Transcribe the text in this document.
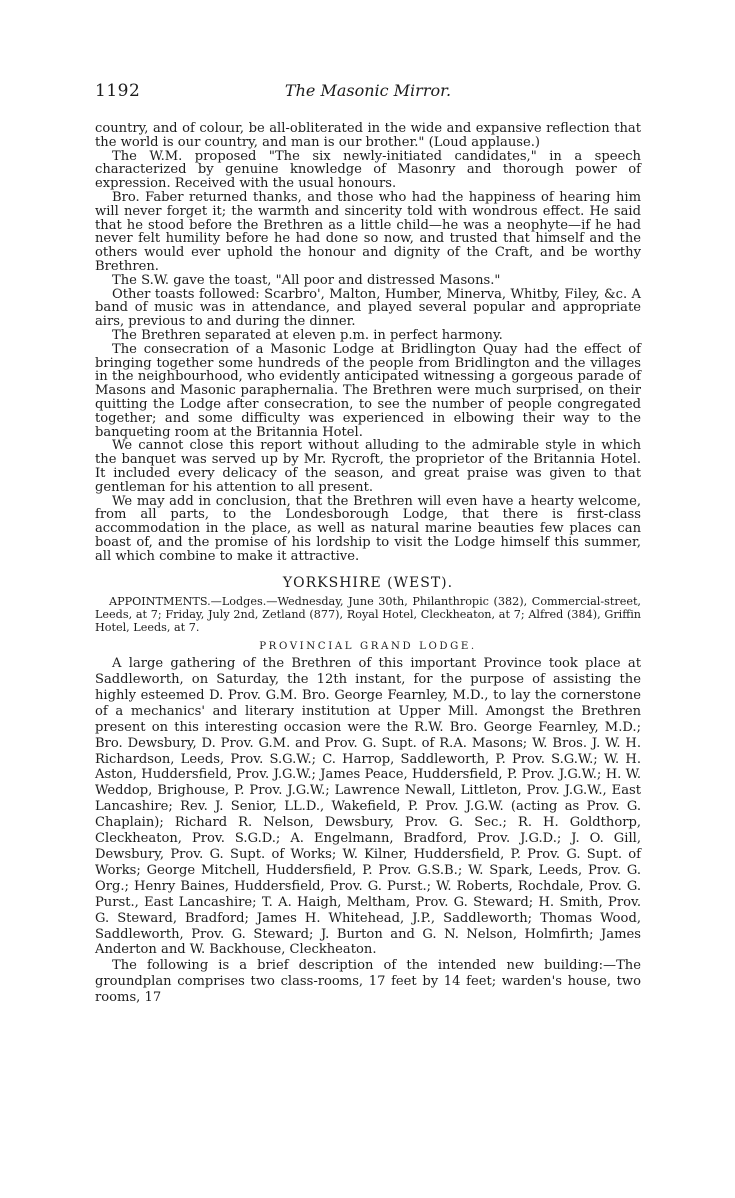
1192	The Masonic Mirror.

country, and of colour, be all-obliterated in the wide and expansive reflection that the world is our country, and man is our brother." (Loud applause.)

The W.M. proposed "The six newly-initiated candidates," in a speech characterized by genuine knowledge of Masonry and thorough power of expression. Received with the usual honours.

Bro. Faber returned thanks, and those who had the happiness of hearing him will never forget it; the warmth and sincerity told with wondrous effect. He said that he stood before the Brethren as a little child—he was a neophyte—if he had never felt humility before he had done so now, and trusted that himself and the others would ever uphold the honour and dignity of the Craft, and be worthy Brethren.

The S.W. gave the toast, "All poor and distressed Masons."

Other toasts followed: Scarbro', Malton, Humber, Minerva, Whitby, Filey, &c. A band of music was in attendance, and played several popular and appropriate airs, previous to and during the dinner.

The Brethren separated at eleven p.m. in perfect harmony.

The consecration of a Masonic Lodge at Bridlington Quay had the effect of bringing together some hundreds of the people from Bridlington and the villages in the neighbourhood, who evidently anticipated witnessing a gorgeous parade of Masons and Masonic paraphernalia. The Brethren were much surprised, on their quitting the Lodge after consecration, to see the number of people congregated together; and some difficulty was experienced in elbowing their way to the banqueting room at the Britannia Hotel.

We cannot close this report without alluding to the admirable style in which the banquet was served up by Mr. Rycroft, the proprietor of the Britannia Hotel. It included every delicacy of the season, and great praise was given to that gentleman for his attention to all present.

We may add in conclusion, that the Brethren will even have a hearty welcome, from all parts, to the Londesborough Lodge, that there is first-class accommodation in the place, as well as natural marine beauties few places can boast of, and the promise of his lordship to visit the Lodge himself this summer, all which combine to make it attractive.

YORKSHIRE (WEST).

APPOINTMENTS.—Lodges.—Wednesday, June 30th, Philanthropic (382), Commercial-street, Leeds, at 7; Friday, July 2nd, Zetland (877), Royal Hotel, Cleckheaton, at 7; Alfred (384), Griffin Hotel, Leeds, at 7.

PROVINCIAL GRAND LODGE.

A large gathering of the Brethren of this important Province took place at Saddleworth, on Saturday, the 12th instant, for the purpose of assisting the highly esteemed D. Prov. G.M. Bro. George Fearnley, M.D., to lay the cornerstone of a mechanics' and literary institution at Upper Mill. Amongst the Brethren present on this interesting occasion were the R.W. Bro. George Fearnley, M.D.; Bro. Dewsbury, D. Prov. G.M. and Prov. G. Supt. of R.A. Masons; W. Bros. J. W. H. Richardson, Leeds, Prov. S.G.W.; C. Harrop, Saddleworth, P. Prov. S.G.W.; W. H. Aston, Huddersfield, Prov. J.G.W.; James Peace, Huddersfield, P. Prov. J.G.W.; H. W. Weddop, Brighouse, P. Prov. J.G.W.; Lawrence Newall, Littleton, Prov. J.G.W., East Lancashire; Rev. J. Senior, LL.D., Wakefield, P. Prov. J.G.W. (acting as Prov. G. Chaplain); Richard R. Nelson, Dewsbury, Prov. G. Sec.; R. H. Goldthorp, Cleckheaton, Prov. S.G.D.; A. Engelmann, Bradford, Prov. J.G.D.; J. O. Gill, Dewsbury, Prov. G. Supt. of Works; W. Kilner, Huddersfield, P. Prov. G. Supt. of Works; George Mitchell, Huddersfield, P. Prov. G.S.B.; W. Spark, Leeds, Prov. G. Org.; Henry Baines, Huddersfield, Prov. G. Purst.; W. Roberts, Rochdale, Prov. G. Purst., East Lancashire; T. A. Haigh, Meltham, Prov. G. Steward; H. Smith, Prov. G. Steward, Bradford; James H. Whitehead, J.P., Saddleworth; Thomas Wood, Saddleworth, Prov. G. Steward; J. Burton and G. N. Nelson, Holmfirth; James Anderton and W. Backhouse, Cleckheaton.

The following is a brief description of the intended new building:—The groundplan comprises two class-rooms, 17 feet by 14 feet; warden's house, two rooms, 17
